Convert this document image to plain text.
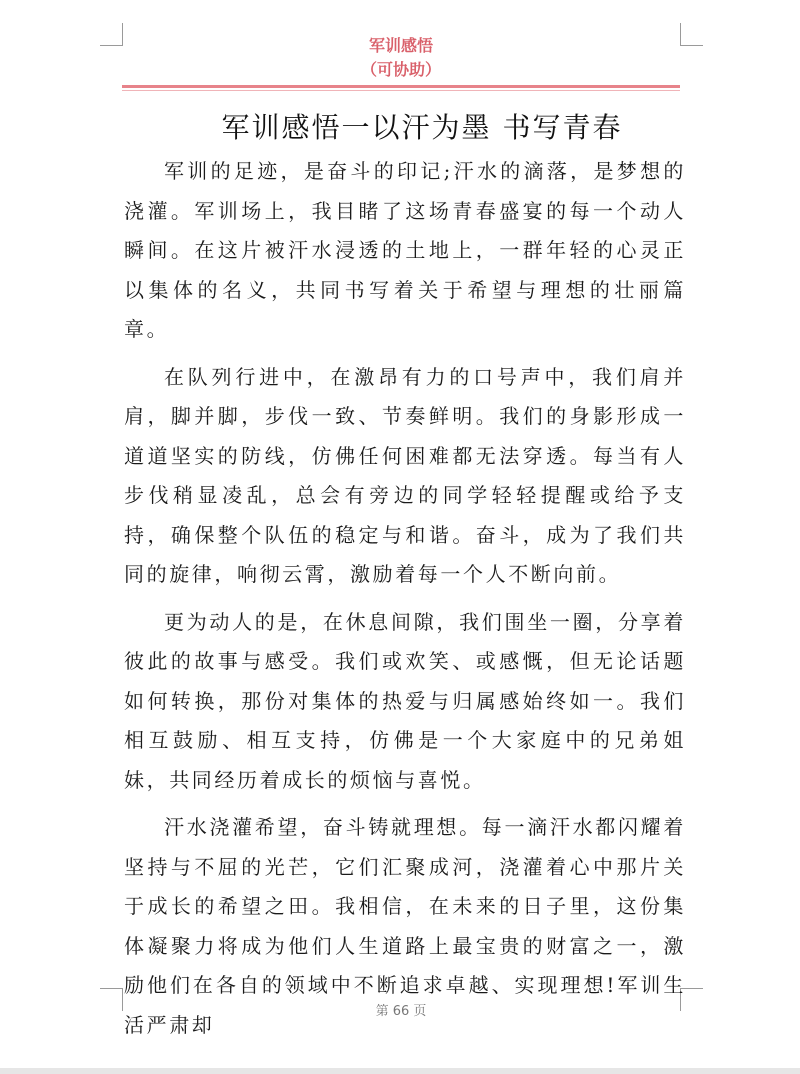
军训感悟
（可协助）
军训感悟一以汗为墨 书写青春

军训的足迹，是奋斗的印记;汗水的滴落，是梦想的浇灌。军训场上，我目睹了这场青春盛宴的每一个动人瞬间。在这片被汗水浸透的土地上，一群年轻的心灵正以集体的名义，共同书写着关于希望与理想的壮丽篇章。

在队列行进中，在激昂有力的口号声中，我们肩并肩，脚并脚，步伐一致、节奏鲜明。我们的身影形成一道道坚实的防线，仿佛任何困难都无法穿透。每当有人步伐稍显凌乱，总会有旁边的同学轻轻提醒或给予支持，确保整个队伍的稳定与和谐。奋斗，成为了我们共同的旋律，响彻云霄，激励着每一个人不断向前。

更为动人的是，在休息间隙，我们围坐一圈，分享着彼此的故事与感受。我们或欢笑、或感慨，但无论话题如何转换，那份对集体的热爱与归属感始终如一。我们相互鼓励、相互支持，仿佛是一个大家庭中的兄弟姐妹，共同经历着成长的烦恼与喜悦。

汗水浇灌希望，奋斗铸就理想。每一滴汗水都闪耀着坚持与不屈的光芒，它们汇聚成河，浇灌着心中那片关于成长的希望之田。我相信，在未来的日子里，这份集体凝聚力将成为他们人生道路上最宝贵的财富之一，激励他们在各自的领域中不断追求卓越、实现理想!军训生活严肃却

第 66 页
